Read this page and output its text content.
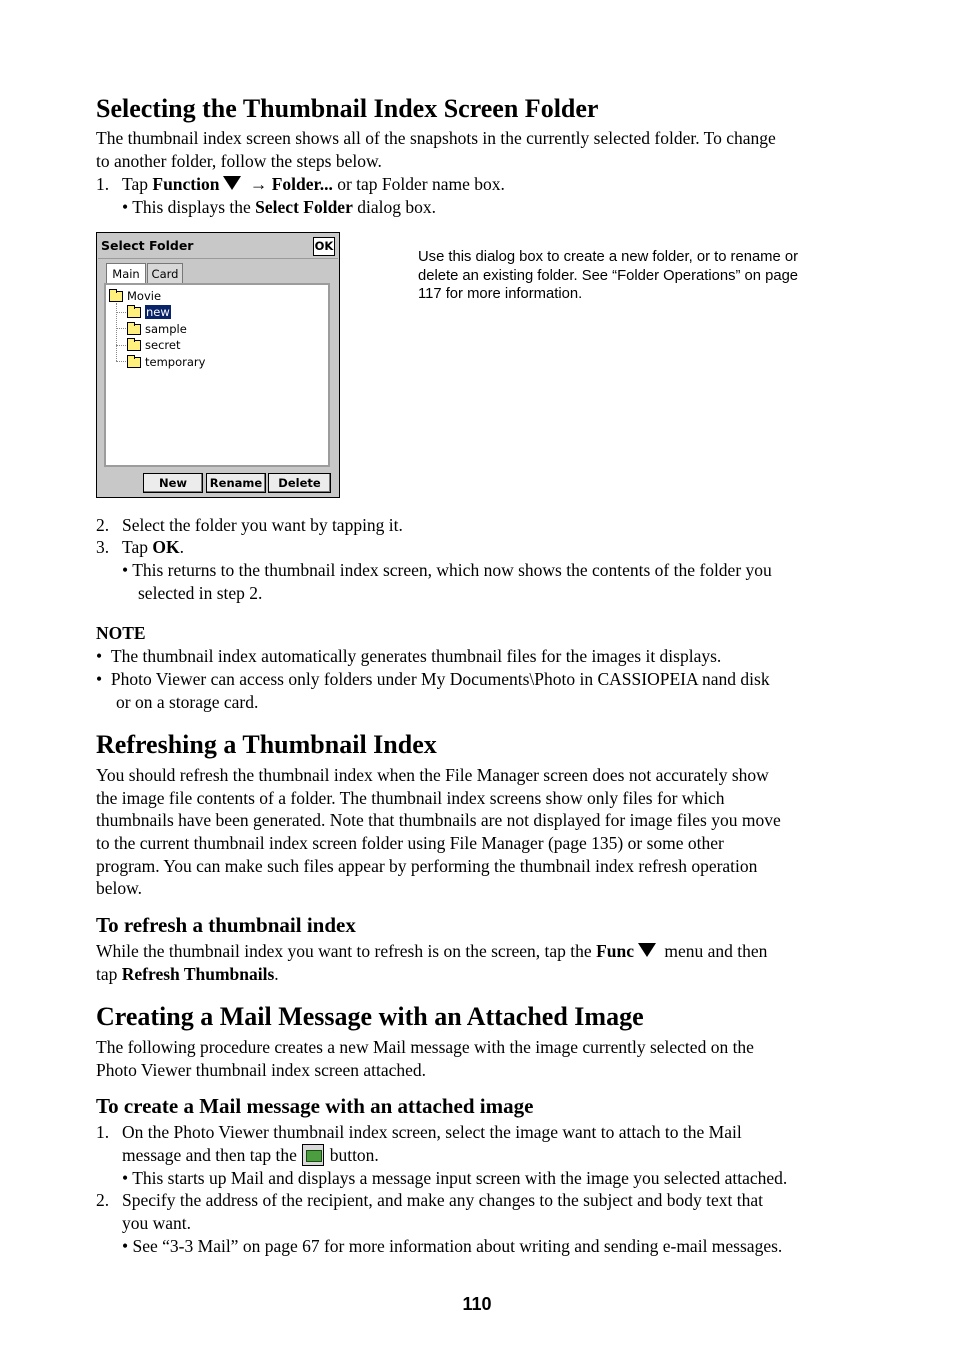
Selecting the Thumbnail Index Screen Folder
The thumbnail index screen shows all of the snapshots in the currently selected folder. To change
to another folder, follow the steps below.
1. Tap Function → Folder... or tap Folder name box.
• This displays the Select Folder dialog box.
Select Folder	OK
Main	Card
Movie
new
sample
secret
temporary
New	Rename	Delete
Use this dialog box to create a new folder, or to rename or
delete an existing folder. See “Folder Operations” on page
117 for more information.
2. Select the folder you want by tapping it.
3. Tap OK.
• This returns to the thumbnail index screen, which now shows the contents of the folder you
selected in step 2.
NOTE
•  The thumbnail index automatically generates thumbnail files for the images it displays.
•  Photo Viewer can access only folders under My Documents\Photo in CASSIOPEIA nand disk
or on a storage card.
Refreshing a Thumbnail Index
You should refresh the thumbnail index when the File Manager screen does not accurately show
the image file contents of a folder. The thumbnail index screens show only files for which
thumbnails have been generated. Note that thumbnails are not displayed for image files you move
to the current thumbnail index screen folder using File Manager (page 135) or some other
program. You can make such files appear by performing the thumbnail index refresh operation
below.
To refresh a thumbnail index
While the thumbnail index you want to refresh is on the screen, tap the Func menu and then
tap Refresh Thumbnails.
Creating a Mail Message with an Attached Image
The following procedure creates a new Mail message with the image currently selected on the
Photo Viewer thumbnail index screen attached.
To create a Mail message with an attached image
1. On the Photo Viewer thumbnail index screen, select the image want to attach to the Mail
message and then tap the  button.
• This starts up Mail and displays a message input screen with the image you selected attached.
2. Specify the address of the recipient, and make any changes to the subject and body text that
you want.
• See “3-3 Mail” on page 67 for more information about writing and sending e-mail messages.
110
